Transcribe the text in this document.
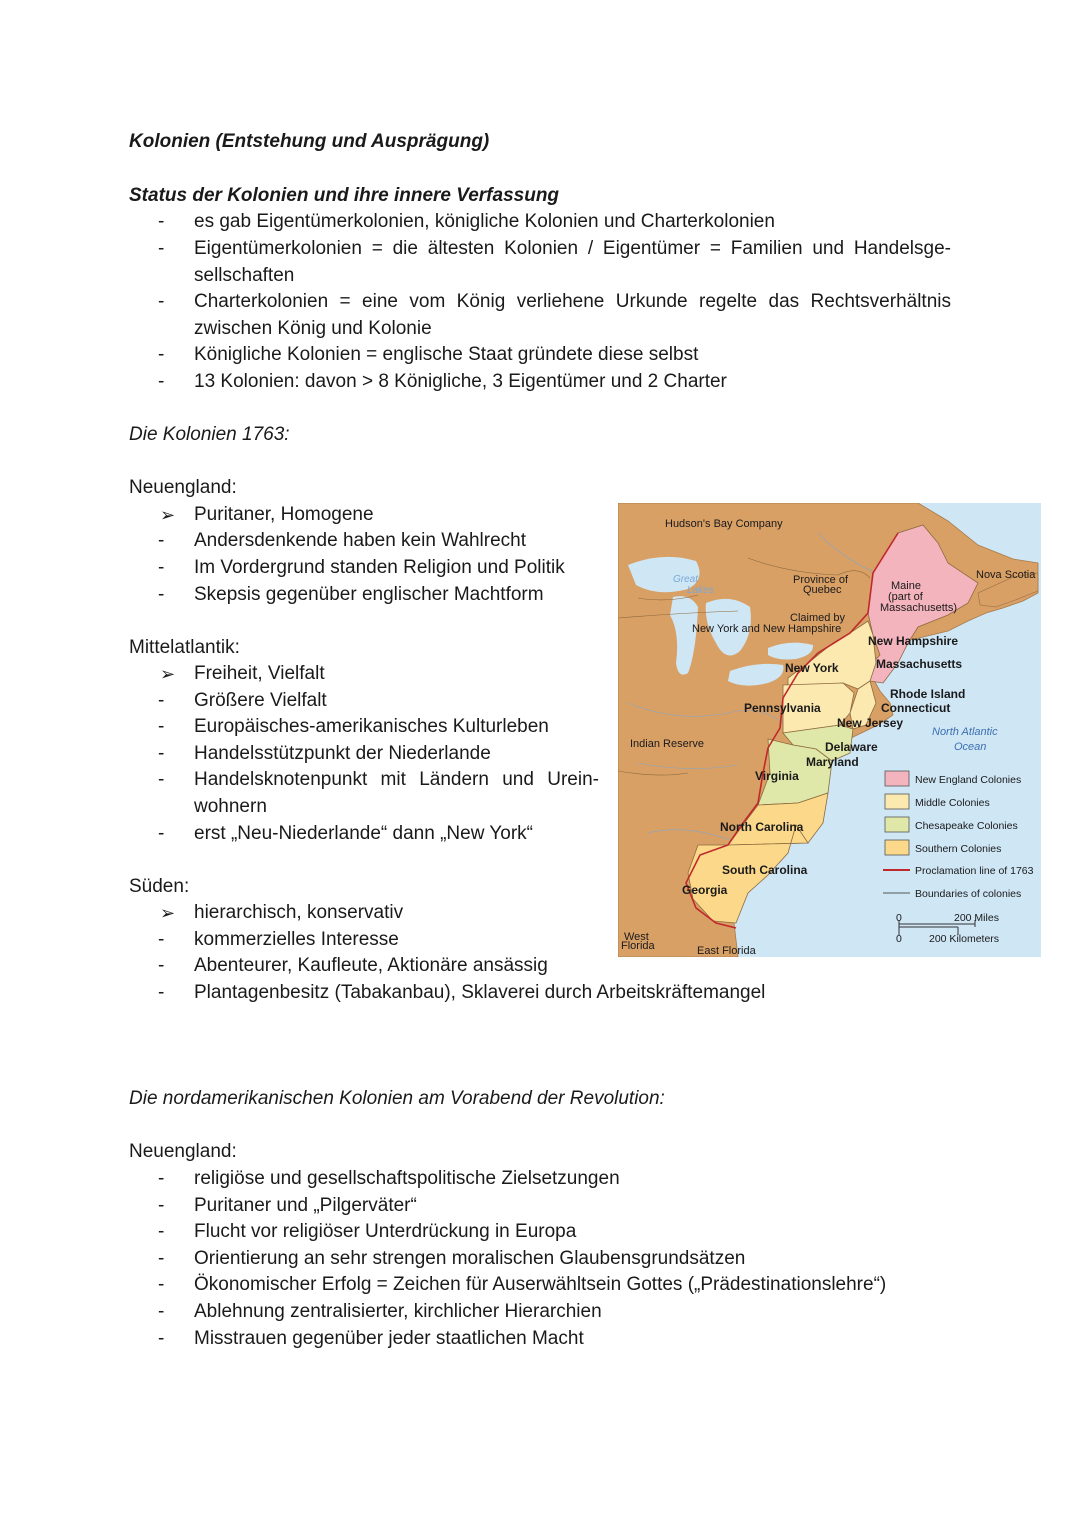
Kolonien (Entstehung und Ausprägung)
Status der Kolonien und ihre innere Verfassung
- es gab Eigentümerkolonien, königliche Kolonien und Charterkolonien
- Eigentümerkolonien = die ältesten Kolonien / Eigentümer = Familien und Handelsge-
sellschaften
- Charterkolonien = eine vom König verliehene Urkunde regelte das Rechtsverhältnis
zwischen König und Kolonie
- Königliche Kolonien = englische Staat gründete diese selbst
- 13 Kolonien: davon > 8 Königliche, 3 Eigentümer und 2 Charter
Die Kolonien 1763:
Neuengland:
➢ Puritaner, Homogene
- Andersdenkende haben kein Wahlrecht
- Im Vordergrund standen Religion und Politik
- Skepsis gegenüber englischer Machtform
Mittelatlantik:
➢ Freiheit, Vielfalt
- Größere Vielfalt
- Europäisches-amerikanisches Kulturleben
- Handelsstützpunkt der Niederlande
- Handelsknotenpunkt mit Ländern und Urein-
wohnern
- erst „Neu-Niederlande“ dann „New York“
Süden:
➢ hierarchisch, konservativ
- kommerzielles Interesse
- Abenteurer, Kaufleute, Aktionäre ansässig
- Plantagenbesitz (Tabakanbau), Sklaverei durch Arbeitskräftemangel
Hudson's Bay Company
Great
Lakes
Province of
Quebec
Claimed by
New York and New Hampshire
Maine
(part of
Massachusetts)
Nova Scotia
New Hampshire
Massachusetts
New York
Rhode Island
Connecticut
Pennsylvania
New Jersey
Delaware
Maryland
Virginia
Indian Reserve
North Carolina
South Carolina
Georgia
West
Florida	East Florida
North Atlantic
Ocean
New England Colonies
Middle Colonies
Chesapeake Colonies
Southern Colonies
Proclamation line of 1763
Boundaries of colonies
0	200 Miles
0	200 Kilometers
Die nordamerikanischen Kolonien am Vorabend der Revolution:
Neuengland:
- religiöse und gesellschaftspolitische Zielsetzungen
- Puritaner und „Pilgerväter“
- Flucht vor religiöser Unterdrückung in Europa
- Orientierung an sehr strengen moralischen Glaubensgrundsätzen
- Ökonomischer Erfolg = Zeichen für Auserwähltsein Gottes („Prädestinationslehre“)
- Ablehnung zentralisierter, kirchlicher Hierarchien
- Misstrauen gegenüber jeder staatlichen Macht
